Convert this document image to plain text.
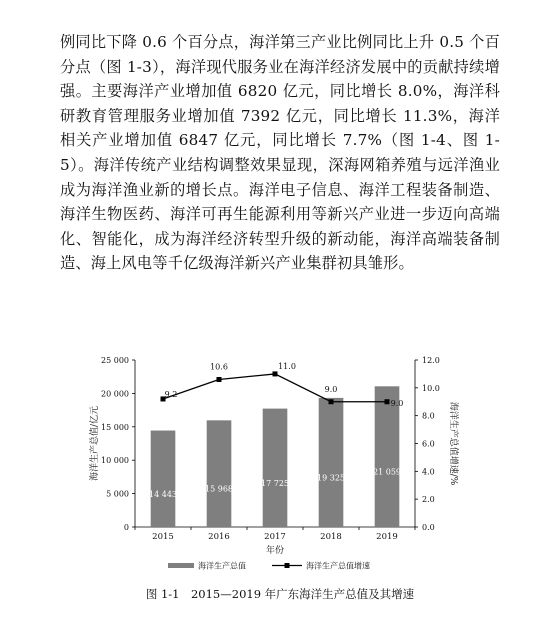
例同比下降 0.6 个百分点，海洋第三产业比例同比上升 0.5 个百分点（图 1-3），海洋现代服务业在海洋经济发展中的贡献持续增强。主要海洋产业增加值 6820 亿元，同比增长 8.0%，海洋科研教育管理服务业增加值 7392 亿元，同比增长 11.3%，海洋相关产业增加值 6847 亿元，同比增长 7.7%（图 1-4、图 1-5）。海洋传统产业结构调整效果显现，深海网箱养殖与远洋渔业成为海洋渔业新的增长点。海洋电子信息、海洋工程装备制造、海洋生物医药、海洋可再生能源利用等新兴产业进一步迈向高端化、智能化，成为海洋经济转型升级的新动能，海洋高端装备制造、海上风电等千亿级海洋新兴产业集群初具雏形。

0
5 000
10 000
15 000
20 000
25 000
0.0
2.0
4.0
6.0
8.0
10.0
12.0
2015	2016	2017	2018	2019
年份
海洋生产总值/亿元	海洋生产总值增速/%
14 443
15 968
17 725
19 325
21 059
9.2
10.6	11.0
9.0
9.0
海洋生产总值	海洋生产总值增速
图 1-1　2015—2019 年广东海洋生产总值及其增速
